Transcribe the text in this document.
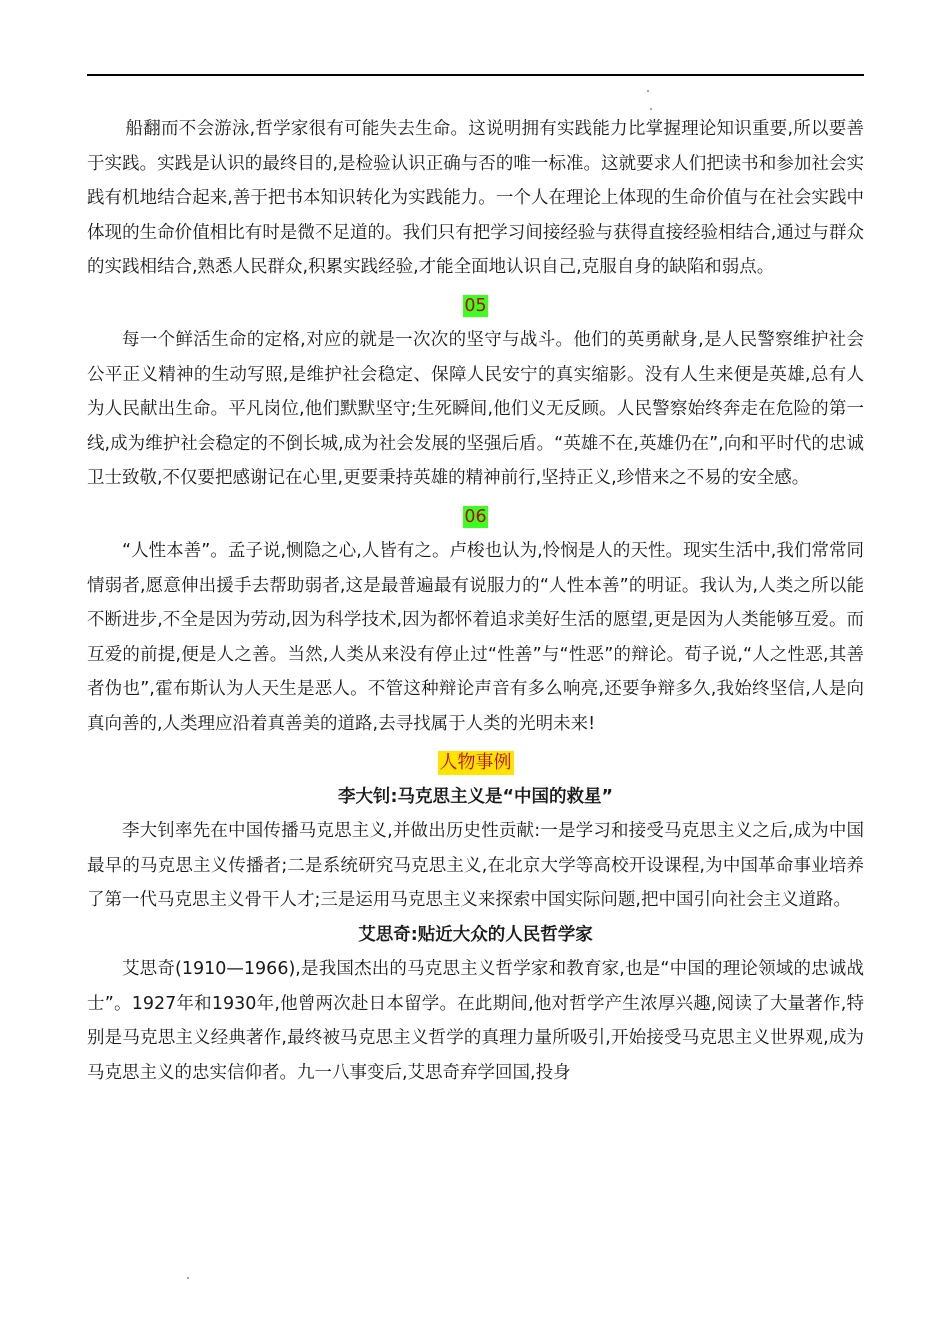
船翻而不会游泳,哲学家很有可能失去生命。这说明拥有实践能力比掌握理论知识重要,所以要善于实践。实践是认识的最终目的,是检验认识正确与否的唯一标准。这就要求人们把读书和参加社会实践有机地结合起来,善于把书本知识转化为实践能力。一个人在理论上体现的生命价值与在社会实践中体现的生命价值相比有时是微不足道的。我们只有把学习间接经验与获得直接经验相结合,通过与群众的实践相结合,熟悉人民群众,积累实践经验,才能全面地认识自己,克服自身的缺陷和弱点。

05

每一个鲜活生命的定格,对应的就是一次次的坚守与战斗。他们的英勇献身,是人民警察维护社会公平正义精神的生动写照,是维护社会稳定、保障人民安宁的真实缩影。没有人生来便是英雄,总有人为人民献出生命。平凡岗位,他们默默坚守;生死瞬间,他们义无反顾。人民警察始终奔走在危险的第一线,成为维护社会稳定的不倒长城,成为社会发展的坚强后盾。“英雄不在,英雄仍在”,向和平时代的忠诚卫士致敬,不仅要把感谢记在心里,更要秉持英雄的精神前行,坚持正义,珍惜来之不易的安全感。

06

“人性本善”。孟子说,恻隐之心,人皆有之。卢梭也认为,怜悯是人的天性。现实生活中,我们常常同情弱者,愿意伸出援手去帮助弱者,这是最普遍最有说服力的“人性本善”的明证。我认为,人类之所以能不断进步,不全是因为劳动,因为科学技术,因为都怀着追求美好生活的愿望,更是因为人类能够互爱。而互爱的前提,便是人之善。当然,人类从来没有停止过“性善”与“性恶”的辩论。荀子说,“人之性恶,其善者伪也”,霍布斯认为人天生是恶人。不管这种辩论声音有多么响亮,还要争辩多久,我始终坚信,人是向真向善的,人类理应沿着真善美的道路,去寻找属于人类的光明未来!

人物事例
李大钊:马克思主义是“中国的救星”

李大钊率先在中国传播马克思主义,并做出历史性贡献:一是学习和接受马克思主义之后,成为中国最早的马克思主义传播者;二是系统研究马克思主义,在北京大学等高校开设课程,为中国革命事业培养了第一代马克思主义骨干人才;三是运用马克思主义来探索中国实际问题,把中国引向社会主义道路。

艾思奇:贴近大众的人民哲学家

艾思奇(1910—1966),是我国杰出的马克思主义哲学家和教育家,也是“中国的理论领域的忠诚战士”。1927年和1930年,他曾两次赴日本留学。在此期间,他对哲学产生浓厚兴趣,阅读了大量著作,特别是马克思主义经典著作,最终被马克思主义哲学的真理力量所吸引,开始接受马克思主义世界观,成为马克思主义的忠实信仰者。九一八事变后,艾思奇弃学回国,投身
